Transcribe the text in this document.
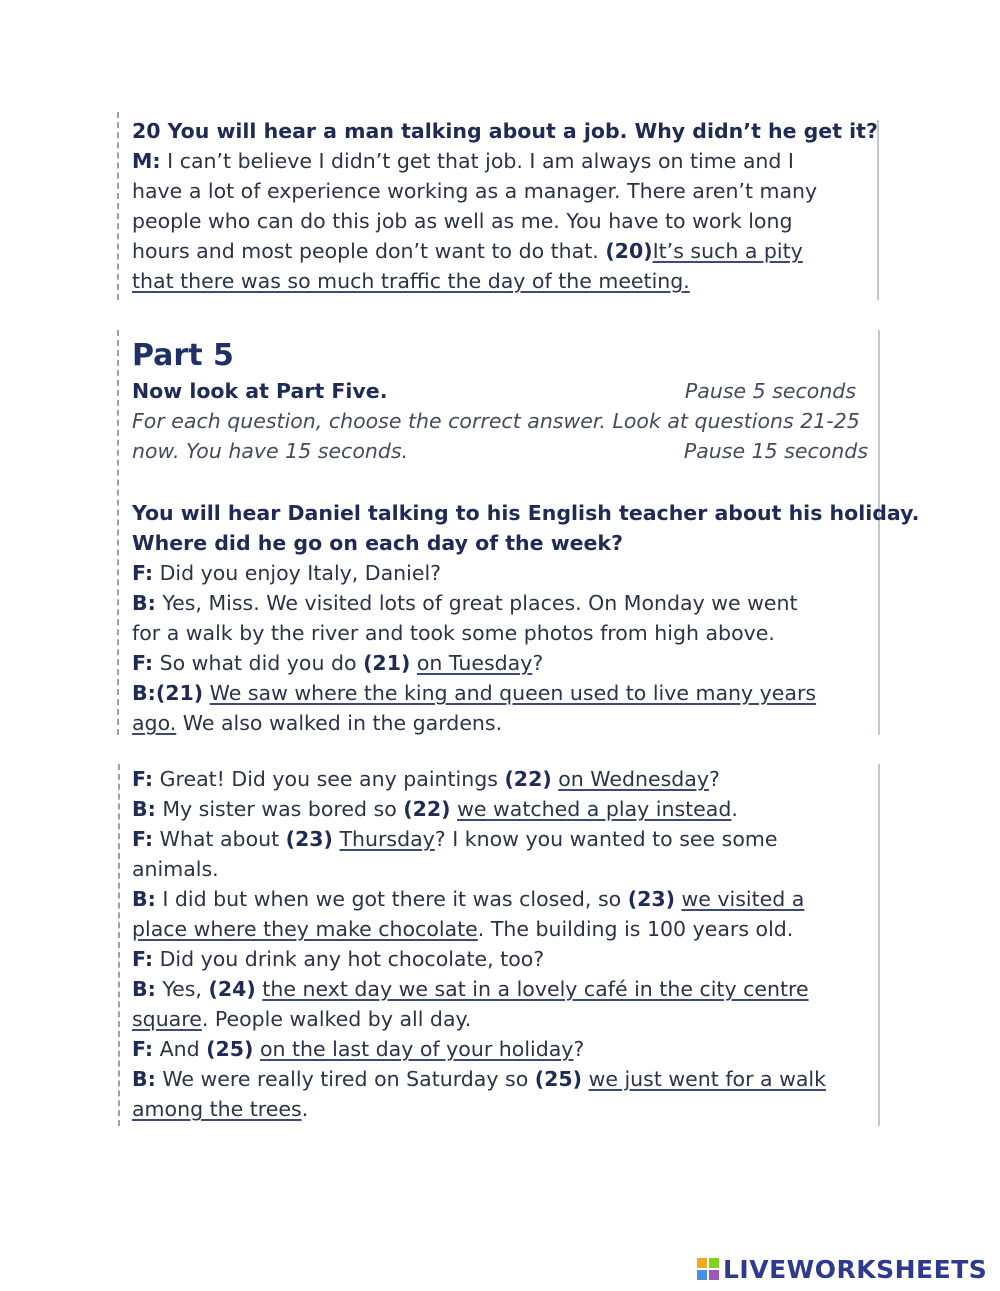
20 You will hear a man talking about a job. Why didn’t he get it?
M: I can’t believe I didn’t get that job. I am always on time and I
have a lot of experience working as a manager. There aren’t many
people who can do this job as well as me. You have to work long
hours and most people don’t want to do that. (20)It’s such a pity
that there was so much traffic the day of the meeting.
Part 5
Now look at Part Five.	Pause 5 seconds
For each question, choose the correct answer. Look at questions 21-25
now. You have 15 seconds.	Pause 15 seconds
You will hear Daniel talking to his English teacher about his holiday.
Where did he go on each day of the week?
F: Did you enjoy Italy, Daniel?
B: Yes, Miss. We visited lots of great places. On Monday we went
for a walk by the river and took some photos from high above.
F: So what did you do (21) on Tuesday?
B:(21) We saw where the king and queen used to live many years
ago. We also walked in the gardens.
F: Great! Did you see any paintings (22) on Wednesday?
B: My sister was bored so (22) we watched a play instead.
F: What about (23) Thursday? I know you wanted to see some
animals.
B: I did but when we got there it was closed, so (23) we visited a
place where they make chocolate. The building is 100 years old.
F: Did you drink any hot chocolate, too?
B: Yes, (24) the next day we sat in a lovely café in the city centre
square. People walked by all day.
F: And (25) on the last day of your holiday?
B: We were really tired on Saturday so (25) we just went for a walk
among the trees.
LIVEWORKSHEETS
